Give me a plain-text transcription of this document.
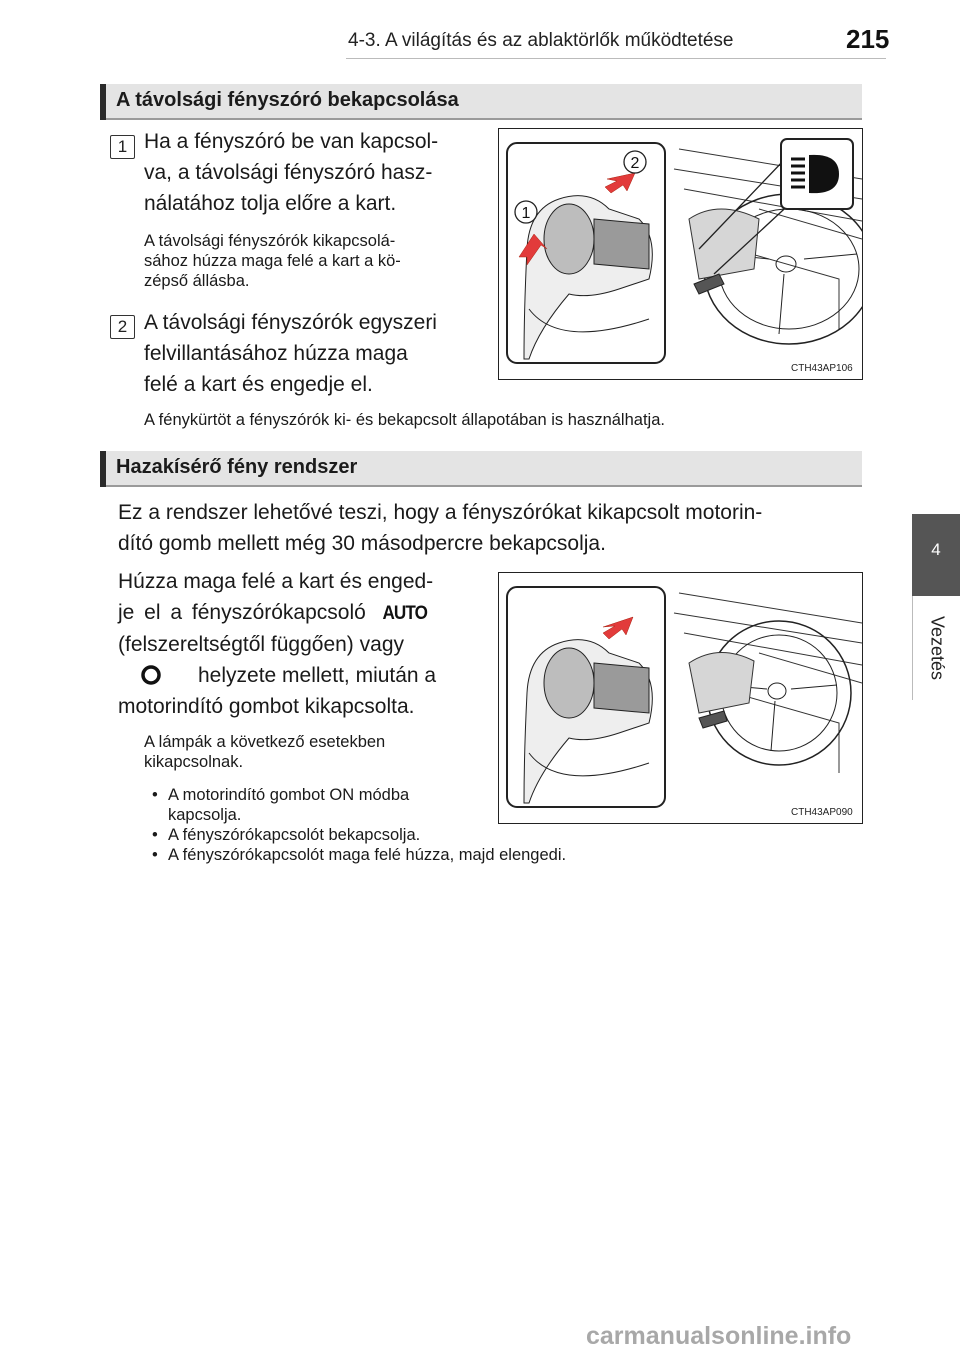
4-3. A világítás és az ablaktörlők működtetése	215
4
Vezetés
A távolsági fényszóró bekapcsolása
1 Ha a fényszóró be van kapcsol-
va, a távolsági fényszóró hasz-
nálatához tolja előre a kart.
A távolsági fényszórók kikapcsolá-
sához húzza maga felé a kart a kö-
zépső állásba.
2 A távolsági fényszórók egyszeri
felvillantásához húzza maga
felé a kart és engedje el.
1
2
CTH43AP106
A fénykürtöt a fényszórók ki- és bekapcsolt állapotában is használhatja.
Hazakísérő fény rendszer
Ez a rendszer lehetővé teszi, hogy a fényszórókat kikapcsolt motorin-
dító gomb mellett még 30 másodpercre bekapcsolja.
Húzza maga felé a kart és enged-
je el a fényszórókapcsoló AUTO
(felszereltségtől függően) vagy
helyzete mellett, miután a
motorindító gombot kikapcsolta.
A lámpák a következő esetekben
kikapcsolnak.
• A motorindító gombot ON módba
kapcsolja.
• A fényszórókapcsolót bekapcsolja.
• A fényszórókapcsolót maga felé húzza, majd elengedi.
CTH43AP090
carmanualsonline.info
